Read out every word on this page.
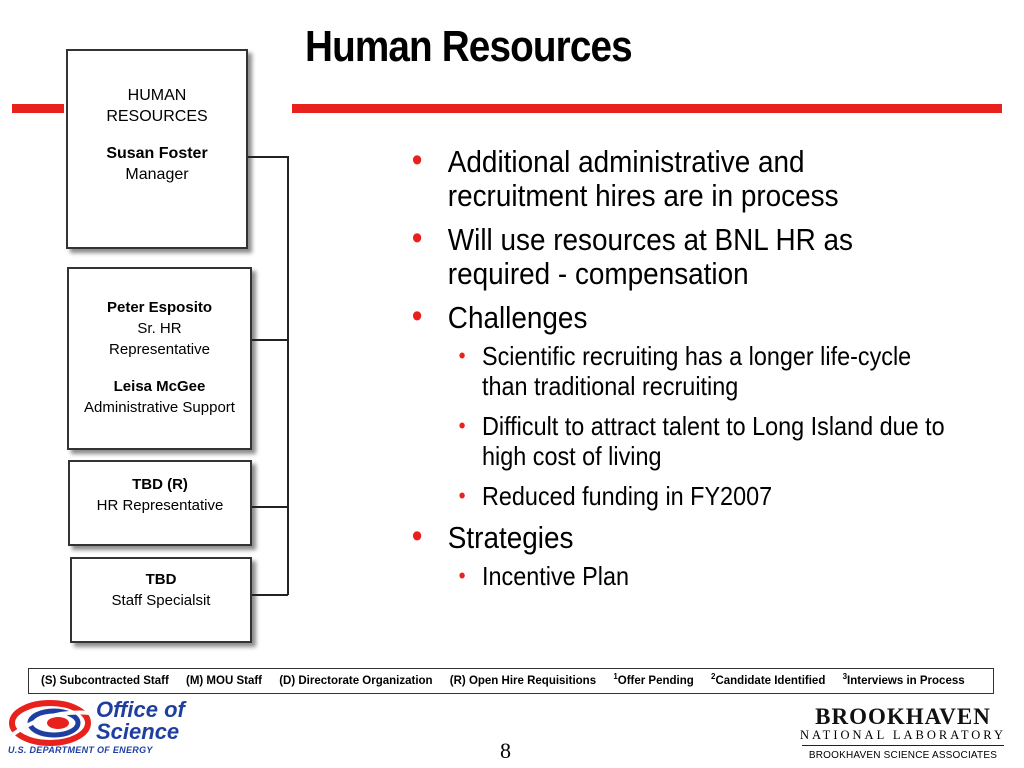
Human Resources
HUMAN
RESOURCES
Susan Foster
Manager
Peter Esposito
Sr. HR
Representative
Leisa McGee
Administrative Support
TBD (R)
HR Representative
TBD
Staff Specialsit
• Additional administrative and recruitment hires are in process
• Will use resources at BNL HR as required - compensation
• Challenges
• Scientific recruiting has a longer life-cycle than traditional recruiting
• Difficult to attract talent to Long Island due to high cost of living
• Reduced funding in FY2007
• Strategies
• Incentive Plan
(S) Subcontracted Staff (M) MOU Staff (D) Directorate Organization (R) Open Hire Requisitions $^1$Offer Pending $^2$Candidate Identified $^3$Interviews in Process
Office of
Science
U.S. DEPARTMENT OF ENERGY	8
BROOKHAVEN
NATIONAL LABORATORY
BROOKHAVEN SCIENCE ASSOCIATES
